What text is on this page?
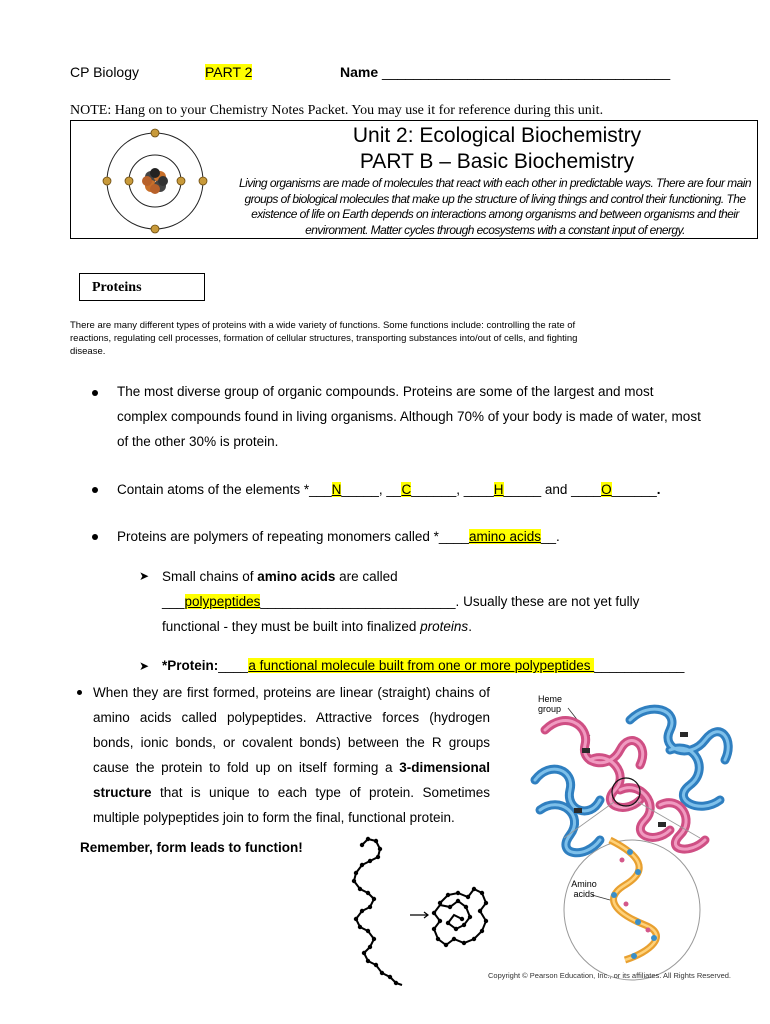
CP Biology	PART 2	Name _____________________________________
NOTE: Hang on to your Chemistry Notes Packet. You may use it for reference during this unit.
Unit 2: Ecological Biochemistry
PART B – Basic Biochemistry
Living organisms are made of molecules that react with each other in predictable ways. There are four main groups of biological molecules that make up the structure of living things and control their functioning. The existence of life on Earth depends on interactions among organisms and between organisms and their environment. Matter cycles through ecosystems with a constant input of energy.
Proteins
There are many different types of proteins with a wide variety of functions. Some functions include: controlling the rate of reactions, regulating cell processes, formation of cellular structures, transporting substances into/out of cells, and fighting disease.
The most diverse group of organic compounds. Proteins are some of the largest and most complex compounds found in living organisms. Although 70% of your body is made of water, most of the other 30% is protein.
Contain atoms of the elements *___N_____, __C______, ____H_____ and ____O______.
Proteins are polymers of repeating monomers called *____amino acids__.
➤ Small chains of amino acids are called
___polypeptides__________________________. Usually these are not yet fully
functional - they must be built into finalized proteins.
➤ *Protein:____a functional molecule built from one or more polypeptides ____________
When they are first formed, proteins are linear (straight) chains of amino acids called polypeptides. Attractive forces (hydrogen bonds, ionic bonds, or covalent bonds) between the R groups cause the protein to fold up on itself forming a 3-dimensional structure that is unique to each type of protein. Sometimes multiple polypeptides join to form the final, functional protein.
Remember, form leads to function!
Heme group
Amino acids
Copyright © Pearson Education, Inc., or its affiliates. All Rights Reserved.
